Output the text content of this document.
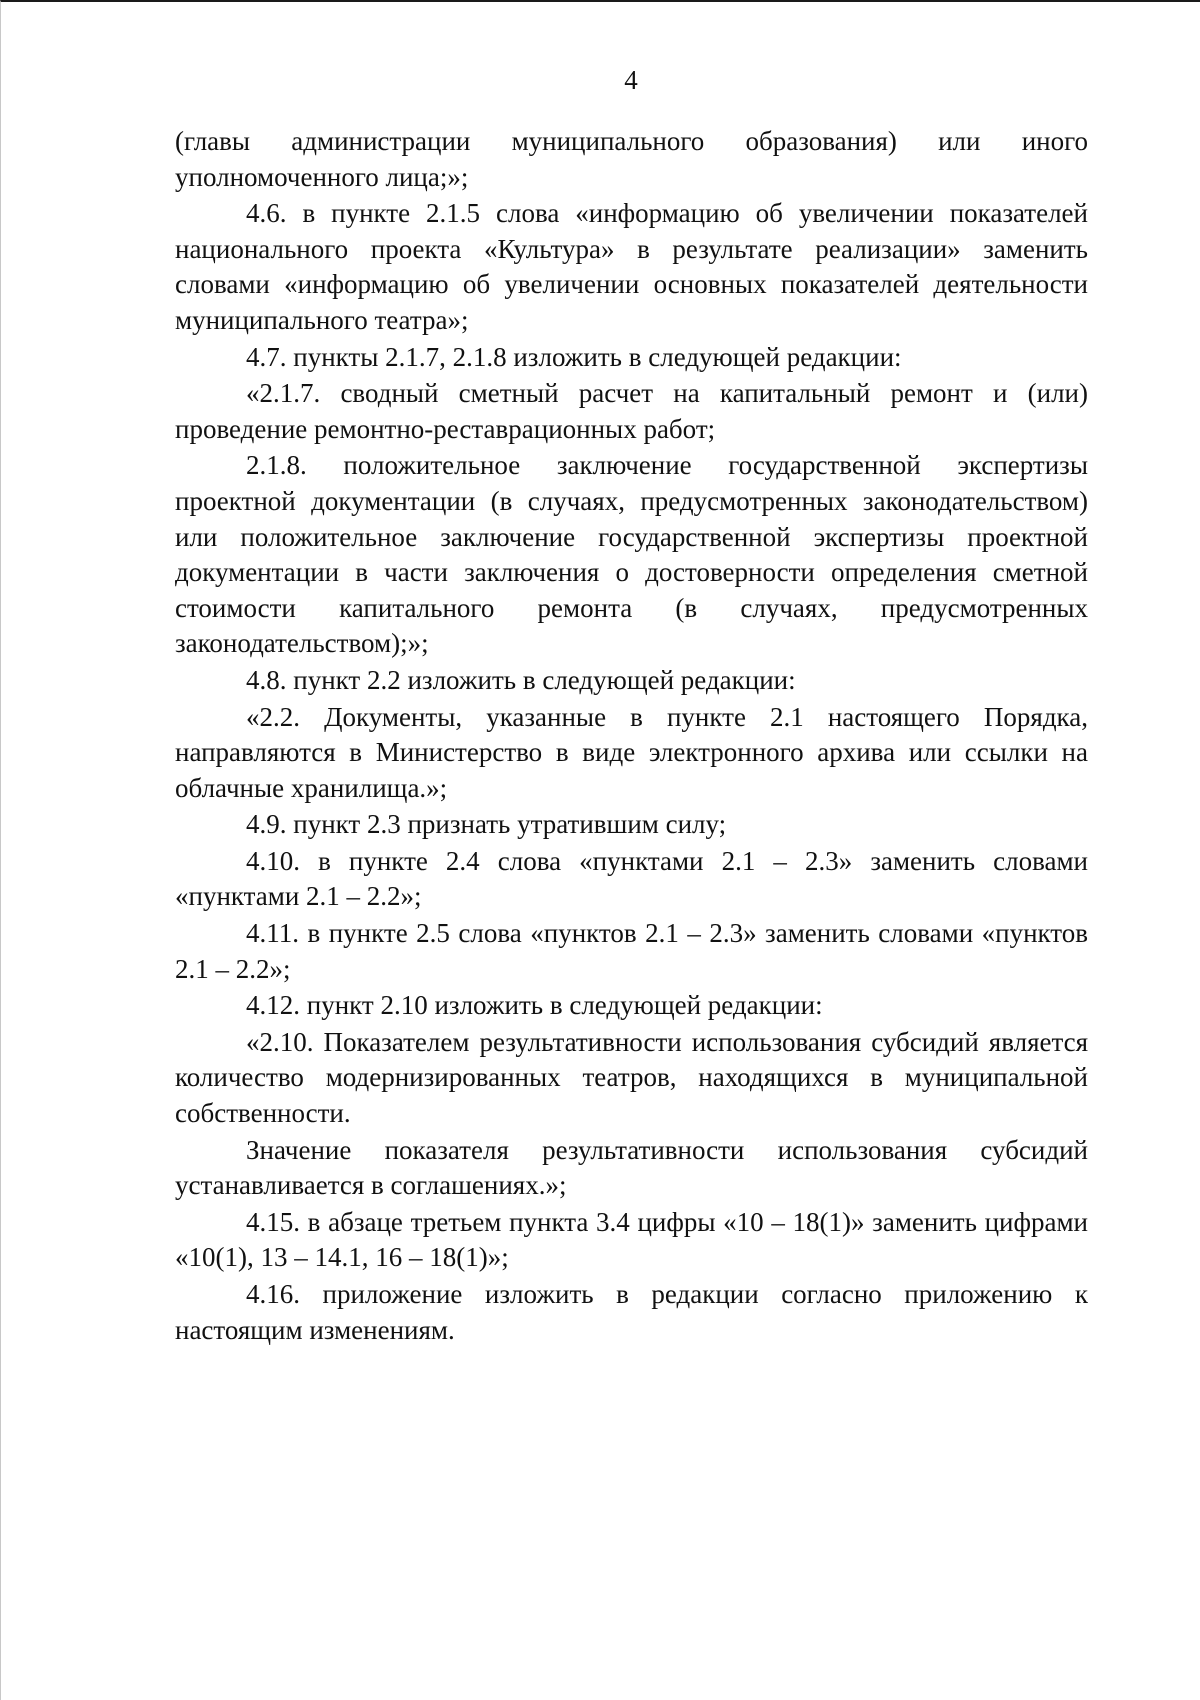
4

(главы администрации муниципального образования) или иного уполномоченного лица;»;

4.6. в пункте 2.1.5 слова «информацию об увеличении показателей национального проекта «Культура» в результате реализации» заменить словами «информацию об увеличении основных показателей деятельности муниципального театра»;

4.7. пункты 2.1.7, 2.1.8 изложить в следующей редакции:

«2.1.7. сводный сметный расчет на капитальный ремонт и (или) проведение ремонтно-реставрационных работ;

2.1.8. положительное заключение государственной экспертизы проектной документации (в случаях, предусмотренных законодательством) или положительное заключение государственной экспертизы проектной документации в части заключения о достоверности определения сметной стоимости капитального ремонта (в случаях, предусмотренных законодательством);»;

4.8. пункт 2.2 изложить в следующей редакции:

«2.2. Документы, указанные в пункте 2.1 настоящего Порядка, направляются в Министерство в виде электронного архива или ссылки на облачные хранилища.»;

4.9. пункт 2.3 признать утратившим силу;

4.10. в пункте 2.4 слова «пунктами 2.1 – 2.3» заменить словами «пунктами 2.1 – 2.2»;

4.11. в пункте 2.5 слова «пунктов 2.1 – 2.3» заменить словами «пунктов 2.1 – 2.2»;

4.12. пункт 2.10 изложить в следующей редакции:

«2.10. Показателем результативности использования субсидий является количество модернизированных театров, находящихся в муниципальной собственности.

Значение показателя результативности использования субсидий устанавливается в соглашениях.»;

4.15. в абзаце третьем пункта 3.4 цифры «10 – 18(1)» заменить цифрами «10(1), 13 – 14.1, 16 – 18(1)»;

4.16. приложение изложить в редакции согласно приложению к настоящим изменениям.
